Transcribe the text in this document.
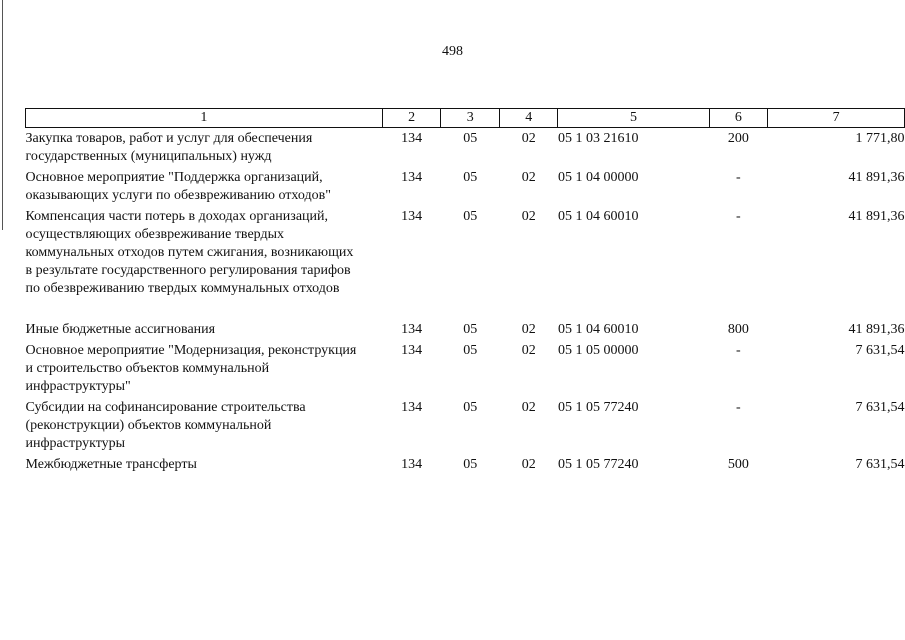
498
1	2	3	4	5	6	7

Закупка товаров, работ и услуг для обеспечения
государственных (муниципальных) нужд	134	05	02	05 1 03 21610	200	1 771,80

Основное мероприятие "Поддержка организаций,
оказывающих услуги по обезвреживанию отходов"	134	05	02	05 1 04 00000	-	41 891,36

Компенсация части потерь в доходах организаций,
осуществляющих обезвреживание твердых
коммунальных отходов путем сжигания, возникающих
в результате государственного регулирования тарифов
по обезвреживанию твердых коммунальных отходов	134	05	02	05 1 04 60010	-	41 891,36

Иные бюджетные ассигнования	134	05	02	05 1 04 60010	800	41 891,36

Основное мероприятие "Модернизация, реконструкция
и строительство объектов коммунальной
инфраструктуры"	134	05	02	05 1 05 00000	-	7 631,54

Субсидии на софинансирование строительства
(реконструкции) объектов коммунальной
инфраструктуры	134	05	02	05 1 05 77240	-	7 631,54

Межбюджетные трансферты	134	05	02	05 1 05 77240	500	7 631,54
